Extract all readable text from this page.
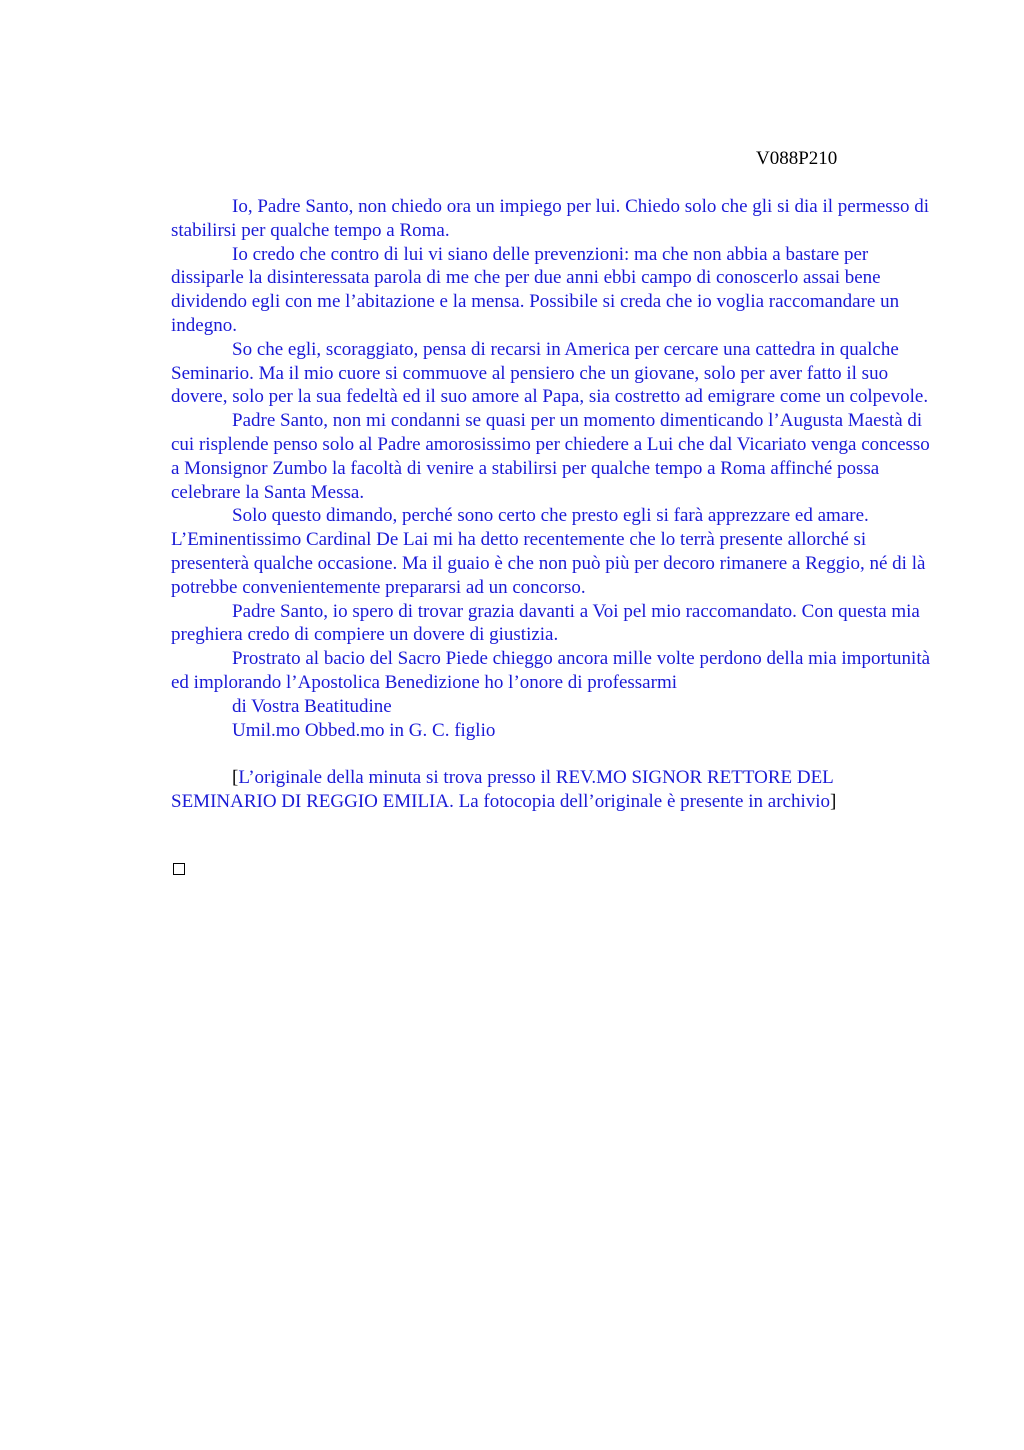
V088P210

Io, Padre Santo, non chiedo ora un impiego per lui. Chiedo solo che gli si dia il permesso di stabilirsi per qualche tempo a Roma.

Io credo che contro di lui vi siano delle prevenzioni: ma che non abbia a bastare per dissiparle la disinteressata parola di me che per due anni ebbi campo di conoscerlo assai bene dividendo egli con me l’abitazione e la mensa. Possibile si creda che io voglia raccomandare un indegno.

So che egli, scoraggiato, pensa di recarsi in America per cercare una cattedra in qualche Seminario. Ma il mio cuore si commuove al pensiero che un giovane, solo per aver fatto il suo dovere, solo per la sua fedeltà ed il suo amore al Papa, sia costretto ad emigrare come un colpevole.

Padre Santo, non mi condanni se quasi per un momento dimenticando l’Augusta Maestà di cui risplende penso solo al Padre amorosissimo per chiedere a Lui che dal Vicariato venga concesso a Monsignor Zumbo la facoltà di venire a stabilirsi per qualche tempo a Roma affinché possa celebrare la Santa Messa.

Solo questo dimando, perché sono certo che presto egli si farà apprezzare ed amare. L’Eminentissimo Cardinal De Lai mi ha detto recentemente che lo terrà presente allorché si presenterà qualche occasione. Ma il guaio è che non può più per decoro rimanere a Reggio, né di là potrebbe convenientemente prepararsi ad un concorso.

Padre Santo, io spero di trovar grazia davanti a Voi pel mio raccomandato. Con questa mia preghiera credo di compiere un dovere di giustizia.

Prostrato al bacio del Sacro Piede chieggo ancora mille volte perdono della mia importunità ed implorando l’Apostolica Benedizione ho l’onore di professarmi

di Vostra Beatitudine

Umil.mo Obbed.mo in G. C. figlio

[L’originale della minuta si trova presso il REV.MO SIGNOR RETTORE DEL SEMINARIO DI REGGIO EMILIA. La fotocopia dell’originale è presente in archivio]
